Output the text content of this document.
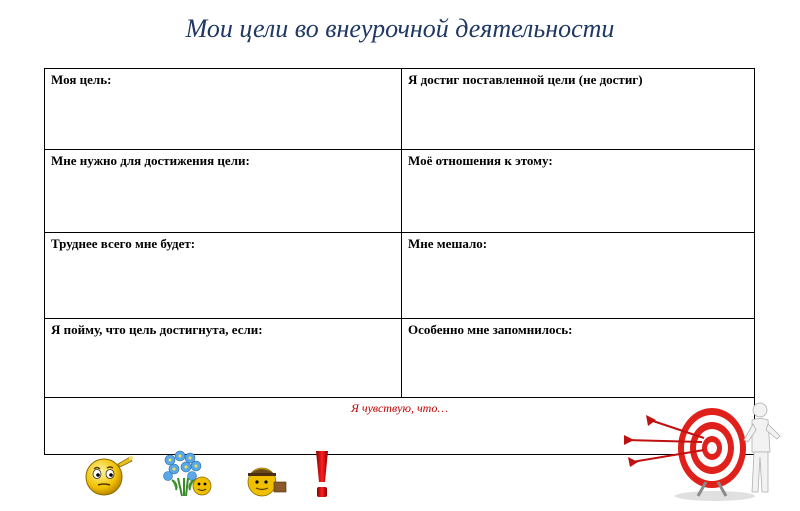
Мои цели во внеурочной деятельности
Моя цель:	Я достиг поставленной цели (не достиг)
Мне нужно для достижения цели:	Моё отношения к этому:
Труднее всего мне будет:	Мне мешало:
Я пойму, что цель достигнута, если:	Особенно мне запомнилось:
Я чувствую, что…	
